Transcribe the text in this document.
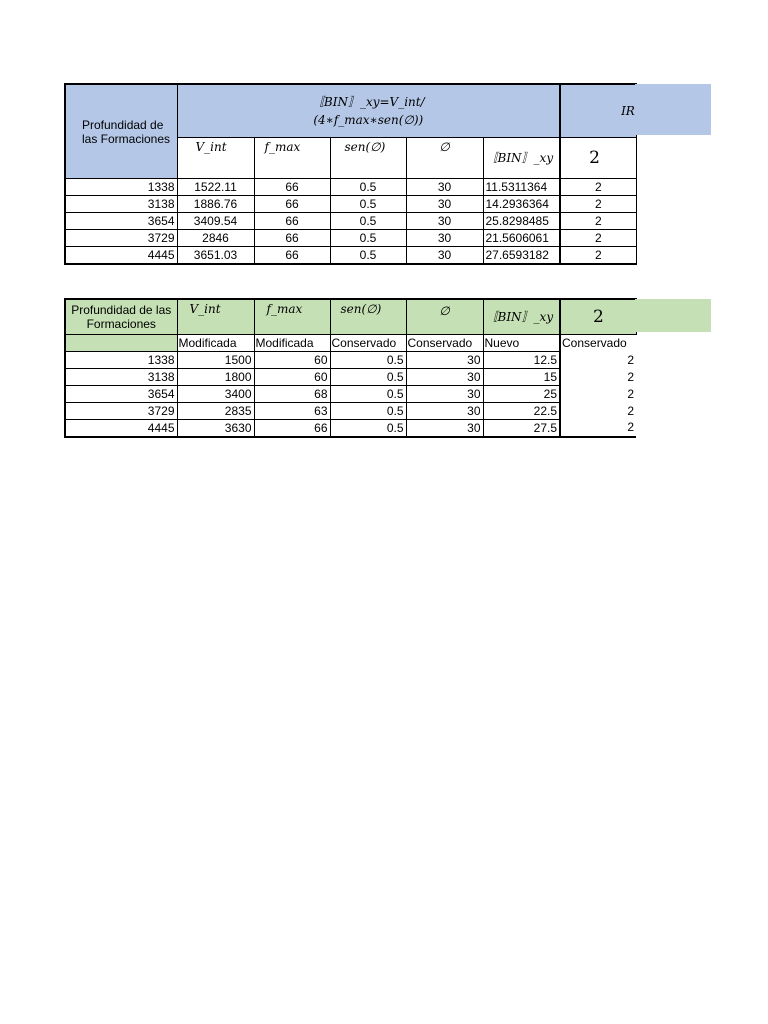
Profundidad de las Formaciones	〚BIN〛_xy=V_int/
(4∗f_max∗sen(∅))					IR
	V_int	f_max	sen(∅)	∅	〚BIN〛_xy	2
1338	1522.11	66	0.5	30	11.5311364	2
3138	1886.76	66	0.5	30	14.2936364	2
3654	3409.54	66	0.5	30	25.8298485	2
3729	2846	66	0.5	30	21.5606061	2
4445	3651.03	66	0.5	30	27.6593182	2
Profundidad de las Formaciones	V_int	f_max	sen(∅)	∅	〚BIN〛_xy	2
	Modificada	Modificada	Conservado	Conservado	Nuevo	Conservado
1338	1500	60	0.5	30	12.5	2
3138	1800	60	0.5	30	15	2
3654	3400	68	0.5	30	25	2
3729	2835	63	0.5	30	22.5	2
4445	3630	66	0.5	30	27.5	2
